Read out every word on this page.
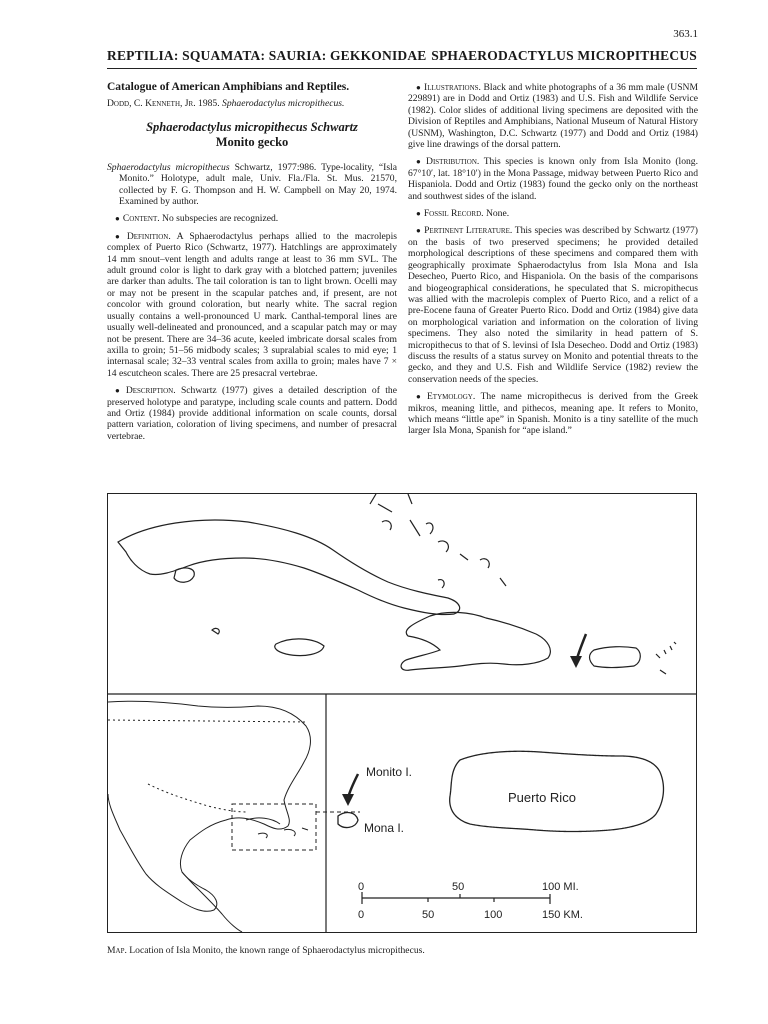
363.1
REPTILIA: SQUAMATA: SAURIA: GEKKONIDAE SPHAERODACTYLUS MICROPITHECUS

Catalogue of American Amphibians and Reptiles.

Dodd, C. Kenneth, Jr. 1985. Sphaerodactylus micropithecus.

Sphaerodactylus micropithecus Schwartz

Monito gecko

Sphaerodactylus micropithecus Schwartz, 1977:986. Type-locality, “Isla Monito.” Holotype, adult male, Univ. Fla./Fla. St. Mus. 21570, collected by F. G. Thompson and H. W. Campbell on May 20, 1974. Examined by author.

● Content. No subspecies are recognized.

● Definition. A Sphaerodactylus perhaps allied to the macrolepis complex of Puerto Rico (Schwartz, 1977). Hatchlings are approximately 14 mm snout–vent length and adults range at least to 36 mm SVL. The adult ground color is light to dark gray with a blotched pattern; juveniles are darker than adults. The tail coloration is tan to light brown. Ocelli may or may not be present in the scapular patches and, if present, are not concolor with ground coloration, but nearly white. The sacral region usually contains a well-pronounced U mark. Canthal-temporal lines are usually well-delineated and pronounced, and a scapular patch may or may not be present. There are 34–36 acute, keeled imbricate dorsal scales from axilla to groin; 51–56 midbody scales; 3 supralabial scales to mid eye; 1 internasal scale; 32–33 ventral scales from axilla to groin; males have 7 × 14 escutcheon scales. There are 25 presacral vertebrae.

● Description. Schwartz (1977) gives a detailed description of the preserved holotype and paratype, including scale counts and pattern. Dodd and Ortiz (1984) provide additional information on scale counts, dorsal pattern variation, coloration of living specimens, and number of presacral vertebrae.

● Illustrations. Black and white photographs of a 36 mm male (USNM 229891) are in Dodd and Ortiz (1983) and U.S. Fish and Wildlife Service (1982). Color slides of additional living specimens are deposited with the Division of Reptiles and Amphibians, National Museum of Natural History (USNM), Washington, D.C. Schwartz (1977) and Dodd and Ortiz (1984) give line drawings of the dorsal pattern.

● Distribution. This species is known only from Isla Monito (long. 67°10′, lat. 18°10′) in the Mona Passage, midway between Puerto Rico and Hispaniola. Dodd and Ortiz (1983) found the gecko only on the northeast and southwest sides of the island.

● Fossil Record. None.

● Pertinent Literature. This species was described by Schwartz (1977) on the basis of two preserved specimens; he provided detailed morphological descriptions of these specimens and compared them with geographically proximate Sphaerodactylus from Isla Mona and Isla Desecheo, Puerto Rico, and Hispaniola. On the basis of the comparisons and biogeographical considerations, he speculated that S. micropithecus was allied with the macrolepis complex of Puerto Rico, and a relict of a pre-Eocene fauna of Greater Puerto Rico. Dodd and Ortiz (1984) give data on morphological variation and information on the coloration of living specimens. They also noted the similarity in head pattern of S. micropithecus to that of S. levinsi of Isla Desecheo. Dodd and Ortiz (1983) discuss the results of a status survey on Monito and potential threats to the gecko, and they and U.S. Fish and Wildlife Service (1982) review the conservation needs of the species.

● Etymology. The name micropithecus is derived from the Greek mikros, meaning little, and pithecos, meaning ape. It refers to Monito, which means “little ape” in Spanish. Monito is a tiny satellite of the much larger Isla Mona, Spanish for “ape island.”

Monito I.
Mona I.
Puerto Rico
0	50	100 MI.
0	50	100	150 KM.
Map. Location of Isla Monito, the known range of Sphaerodactylus micropithecus.
